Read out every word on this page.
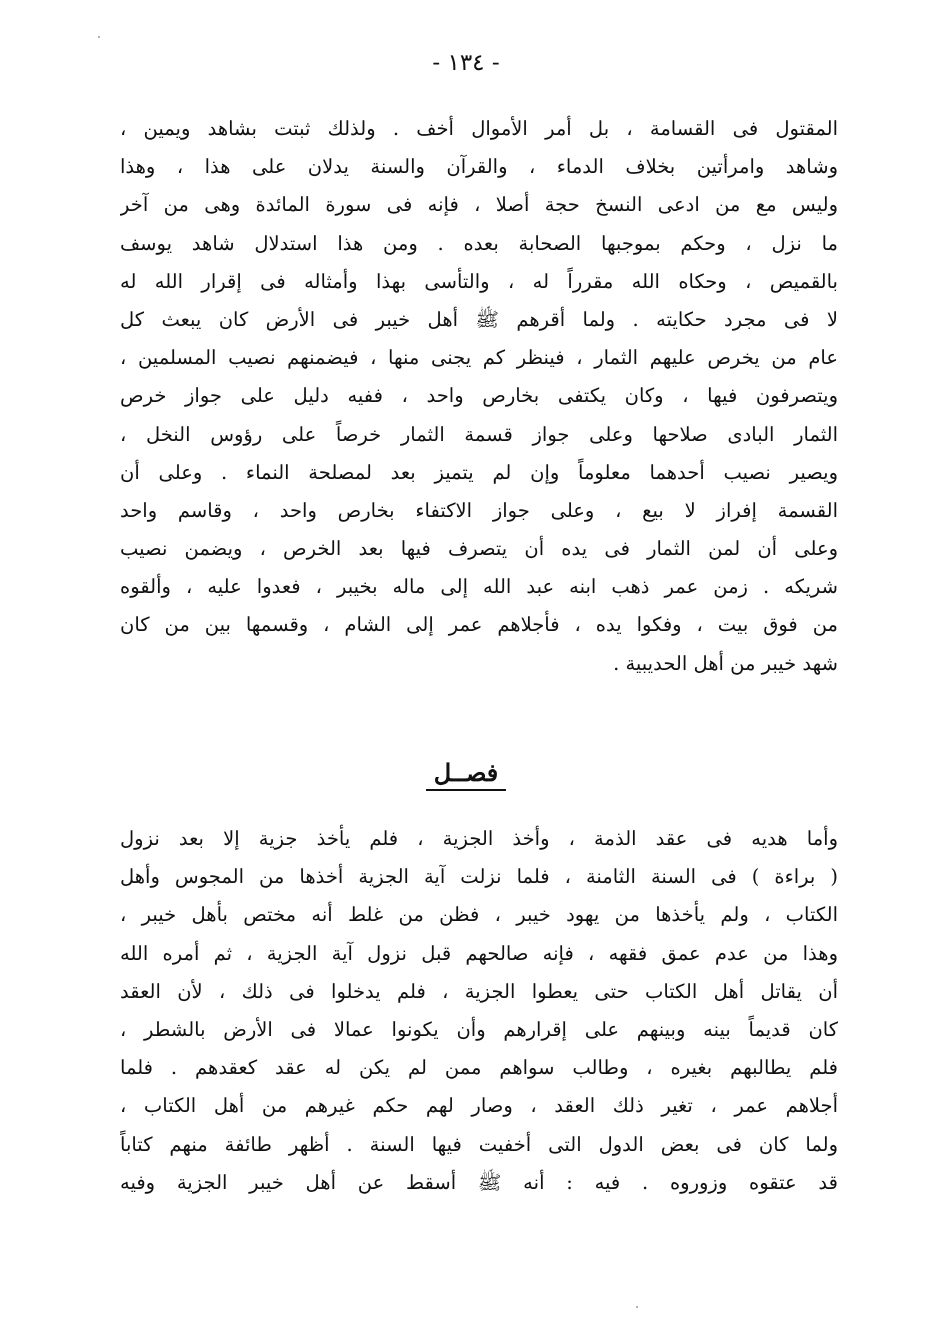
- ١٣٤ -

المقتول فى القسامة ، بل أمر الأموال أخف . ولذلك ثبتت بشاهد ويمين ،

وشاهد وامرأتين بخلاف الدماء ، والقرآن والسنة يدلان على هذا ، وهذا

وليس مع من ادعى النسخ حجة أصلا ، فإنه فى سورة المائدة وهى من آخر

ما نزل ، وحكم بموجبها الصحابة بعده . ومن هذا استدلال شاهد يوسف

بالقميص ، وحكاه الله مقرراً له ، والتأسى بهذا وأمثاله فى إقرار الله له

لا فى مجرد حكايته . ولما أقرهم ﷺ أهل خيبر فى الأرض كان يبعث كل

عام من يخرص عليهم الثمار ، فينظر كم يجنى منها ، فيضمنهم نصيب المسلمين ،

ويتصرفون فيها ، وكان يكتفى بخارص واحد ، ففيه دليل على جواز خرص

الثمار البادى صلاحها وعلى جواز قسمة الثمار خرصاً على رؤوس النخل ،

ويصير نصيب أحدهما معلوماً وإن لم يتميز بعد لمصلحة النماء . وعلى أن

القسمة إفراز لا بيع ، وعلى جواز الاكتفاء بخارص واحد ، وقاسم واحد

وعلى أن لمن الثمار فى يده أن يتصرف فيها بعد الخرص ، ويضمن نصيب

شريكه . زمن عمر ذهب ابنه عبد الله إلى ماله بخيبر ، فعدوا عليه ، وألقوه

من فوق بيت ، وفكوا يده ، فأجلاهم عمر إلى الشام ، وقسمها بين من كان

شهد خيبر من أهل الحديبية .

فصــل

وأما هديه فى عقد الذمة ، وأخذ الجزية ، فلم يأخذ جزية إلا بعد نزول

( براءة ) فى السنة الثامنة ، فلما نزلت آية الجزية أخذها من المجوس وأهل

الكتاب ، ولم يأخذها من يهود خيبر ، فظن من غلط أنه مختص بأهل خيبر ،

وهذا من عدم عمق فقهه ، فإنه صالحهم قبل نزول آية الجزية ، ثم أمره الله

أن يقاتل أهل الكتاب حتى يعطوا الجزية ، فلم يدخلوا فى ذلك ، لأن العقد

كان قديماً بينه وبينهم على إقرارهم وأن يكونوا عمالا فى الأرض بالشطر ،

فلم يطالبهم بغيره ، وطالب سواهم ممن لم يكن له عقد كعقدهم . فلما

أجلاهم عمر ، تغير ذلك العقد ، وصار لهم حكم غيرهم من أهل الكتاب ،

ولما كان فى بعض الدول التى أخفيت فيها السنة . أظهر طائفة منهم كتاباً

قد عتقوه وزوروه . فيه : أنه ﷺ أسقط عن أهل خيبر الجزية وفيه
